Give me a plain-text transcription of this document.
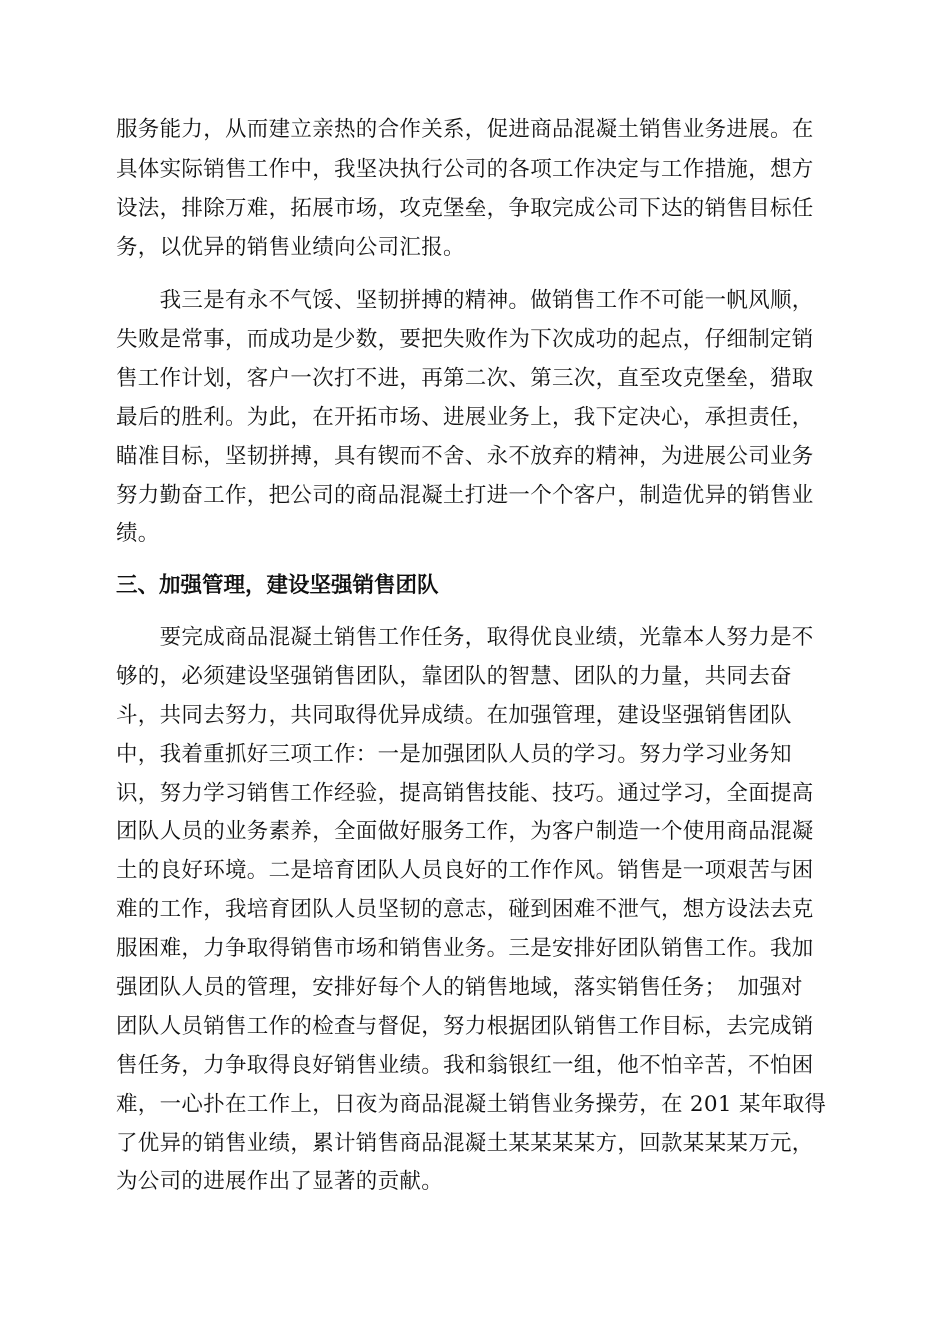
服务能力，从而建立亲热的合作关系，促进商品混凝土销售业务进展。在
具体实际销售工作中，我坚决执行公司的各项工作决定与工作措施，想方
设法，排除万难，拓展市场，攻克堡垒，争取完成公司下达的销售目标任
务，以优异的销售业绩向公司汇报。
　　我三是有永不气馁、坚韧拼搏的精神。做销售工作不可能一帆风顺，
失败是常事，而成功是少数，要把失败作为下次成功的起点，仔细制定销
售工作计划，客户一次打不进，再第二次、第三次，直至攻克堡垒，猎取
最后的胜利。为此，在开拓市场、进展业务上，我下定决心，承担责任，
瞄准目标，坚韧拼搏，具有锲而不舍、永不放弃的精神，为进展公司业务
努力勤奋工作，把公司的商品混凝土打进一个个客户，制造优异的销售业
绩。
三、加强管理，建设坚强销售团队
　　要完成商品混凝土销售工作任务，取得优良业绩，光靠本人努力是不
够的，必须建设坚强销售团队，靠团队的智慧、团队的力量，共同去奋
斗，共同去努力，共同取得优异成绩。在加强管理，建设坚强销售团队
中，我着重抓好三项工作：一是加强团队人员的学习。努力学习业务知
识，努力学习销售工作经验，提高销售技能、技巧。通过学习，全面提高
团队人员的业务素养，全面做好服务工作，为客户制造一个使用商品混凝
土的良好环境。二是培育团队人员良好的工作作风。销售是一项艰苦与困
难的工作，我培育团队人员坚韧的意志，碰到困难不泄气，想方设法去克
服困难，力争取得销售市场和销售业务。三是安排好团队销售工作。我加
强团队人员的管理，安排好每个人的销售地域，落实销售任务；　加强对
团队人员销售工作的检查与督促，努力根据团队销售工作目标，去完成销
售任务，力争取得良好销售业绩。我和翁银红一组，他不怕辛苦，不怕困
难，一心扑在工作上，日夜为商品混凝土销售业务操劳，在 201 某年取得
了优异的销售业绩，累计销售商品混凝土某某某某方，回款某某某万元，
为公司的进展作出了显著的贡献。
